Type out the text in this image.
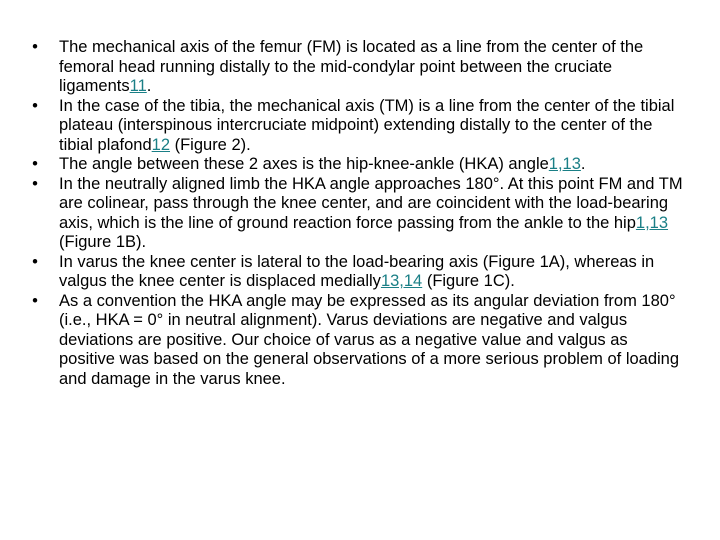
• The mechanical axis of the femur (FM) is located as a line from the center of the femoral head running distally to the mid-condylar point between the cruciate ligaments11.
• In the case of the tibia, the mechanical axis (TM) is a line from the center of the tibial plateau (interspinous intercruciate midpoint) extending distally to the center of the tibial plafond12 (Figure 2).
• The angle between these 2 axes is the hip-knee-ankle (HKA) angle1,13.
• In the neutrally aligned limb the HKA angle approaches 180°. At this point FM and TM are colinear, pass through the knee center, and are coincident with the load-bearing axis, which is the line of ground reaction force passing from the ankle to the hip1,13 (Figure 1B).
• In varus the knee center is lateral to the load-bearing axis (Figure 1A), whereas in valgus the knee center is displaced medially13,14 (Figure 1C).
• As a convention the HKA angle may be expressed as its angular deviation from 180° (i.e., HKA = 0° in neutral alignment). Varus deviations are negative and valgus deviations are positive. Our choice of varus as a negative value and valgus as positive was based on the general observations of a more serious problem of loading and damage in the varus knee.
